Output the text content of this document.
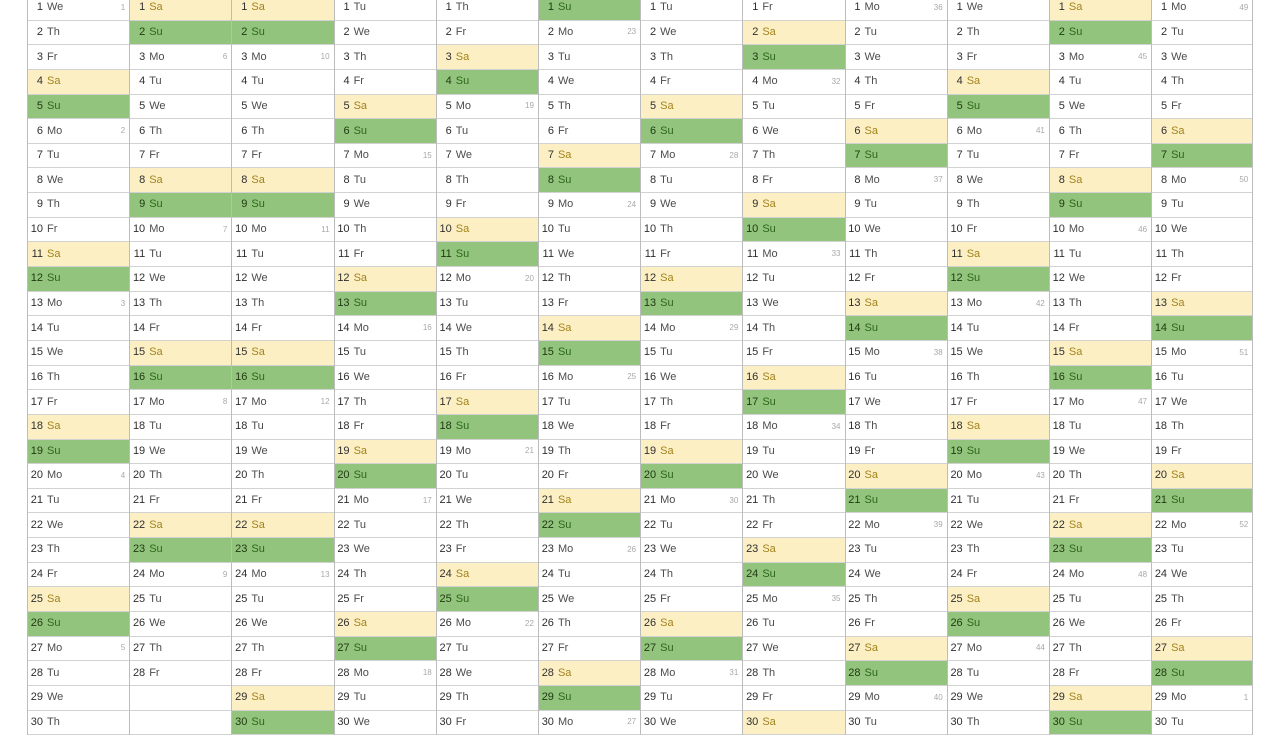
1 We	1
2 Th
3 Fr
4 Sa
5 Su
6 Mo	2
7 Tu
8 We
9 Th
10 Fr
11 Sa
12 Su
13 Mo	3
14 Tu
15 We
16 Th
17 Fr
18 Sa
19 Su
20 Mo	4
21 Tu
22 We
23 Th
24 Fr
25 Sa
26 Su
27 Mo	5
28 Tu
29 We
30 Th
1 Sa
2 Su
3 Mo	6
4 Tu
5 We
6 Th
7 Fr
8 Sa
9 Su
10 Mo	7
11 Tu
12 We
13 Th
14 Fr
15 Sa
16 Su
17 Mo	8
18 Tu
19 We
20 Th
21 Fr
22 Sa
23 Su
24 Mo	9
25 Tu
26 We
27 Th
28 Fr
1 Sa
2 Su
3 Mo	10
4 Tu
5 We
6 Th
7 Fr
8 Sa
9 Su
10 Mo	11
11 Tu
12 We
13 Th
14 Fr
15 Sa
16 Su
17 Mo	12
18 Tu
19 We
20 Th
21 Fr
22 Sa
23 Su
24 Mo	13
25 Tu
26 We
27 Th
28 Fr
29 Sa
30 Su
1 Tu
2 We
3 Th
4 Fr
5 Sa
6 Su
7 Mo	15
8 Tu
9 We
10 Th
11 Fr
12 Sa
13 Su
14 Mo	16
15 Tu
16 We
17 Th
18 Fr
19 Sa
20 Su
21 Mo	17
22 Tu
23 We
24 Th
25 Fr
26 Sa
27 Su
28 Mo	18
29 Tu
30 We
1 Th
2 Fr
3 Sa
4 Su
5 Mo	19
6 Tu
7 We
8 Th
9 Fr
10 Sa
11 Su
12 Mo	20
13 Tu
14 We
15 Th
16 Fr
17 Sa
18 Su
19 Mo	21
20 Tu
21 We
22 Th
23 Fr
24 Sa
25 Su
26 Mo	22
27 Tu
28 We
29 Th
30 Fr
1 Su
2 Mo	23
3 Tu
4 We
5 Th
6 Fr
7 Sa
8 Su
9 Mo	24
10 Tu
11 We
12 Th
13 Fr
14 Sa
15 Su
16 Mo	25
17 Tu
18 We
19 Th
20 Fr
21 Sa
22 Su
23 Mo	26
24 Tu
25 We
26 Th
27 Fr
28 Sa
29 Su
30 Mo	27
1 Tu
2 We
3 Th
4 Fr
5 Sa
6 Su
7 Mo	28
8 Tu
9 We
10 Th
11 Fr
12 Sa
13 Su
14 Mo	29
15 Tu
16 We
17 Th
18 Fr
19 Sa
20 Su
21 Mo	30
22 Tu
23 We
24 Th
25 Fr
26 Sa
27 Su
28 Mo	31
29 Tu
30 We
1 Fr
2 Sa
3 Su
4 Mo	32
5 Tu
6 We
7 Th
8 Fr
9 Sa
10 Su
11 Mo	33
12 Tu
13 We
14 Th
15 Fr
16 Sa
17 Su
18 Mo	34
19 Tu
20 We
21 Th
22 Fr
23 Sa
24 Su
25 Mo	35
26 Tu
27 We
28 Th
29 Fr
30 Sa
1 Mo	36
2 Tu
3 We
4 Th
5 Fr
6 Sa
7 Su
8 Mo	37
9 Tu
10 We
11 Th
12 Fr
13 Sa
14 Su
15 Mo	38
16 Tu
17 We
18 Th
19 Fr
20 Sa
21 Su
22 Mo	39
23 Tu
24 We
25 Th
26 Fr
27 Sa
28 Su
29 Mo	40
30 Tu
1 We
2 Th
3 Fr
4 Sa
5 Su
6 Mo	41
7 Tu
8 We
9 Th
10 Fr
11 Sa
12 Su
13 Mo	42
14 Tu
15 We
16 Th
17 Fr
18 Sa
19 Su
20 Mo	43
21 Tu
22 We
23 Th
24 Fr
25 Sa
26 Su
27 Mo	44
28 Tu
29 We
30 Th
1 Sa
2 Su
3 Mo	45
4 Tu
5 We
6 Th
7 Fr
8 Sa
9 Su
10 Mo	46
11 Tu
12 We
13 Th
14 Fr
15 Sa
16 Su
17 Mo	47
18 Tu
19 We
20 Th
21 Fr
22 Sa
23 Su
24 Mo	48
25 Tu
26 We
27 Th
28 Fr
29 Sa
30 Su
1 Mo	49
2 Tu
3 We
4 Th
5 Fr
6 Sa
7 Su
8 Mo	50
9 Tu
10 We
11 Th
12 Fr
13 Sa
14 Su
15 Mo	51
16 Tu
17 We
18 Th
19 Fr
20 Sa
21 Su
22 Mo	52
23 Tu
24 We
25 Th
26 Fr
27 Sa
28 Su
29 Mo	1
30 Tu
